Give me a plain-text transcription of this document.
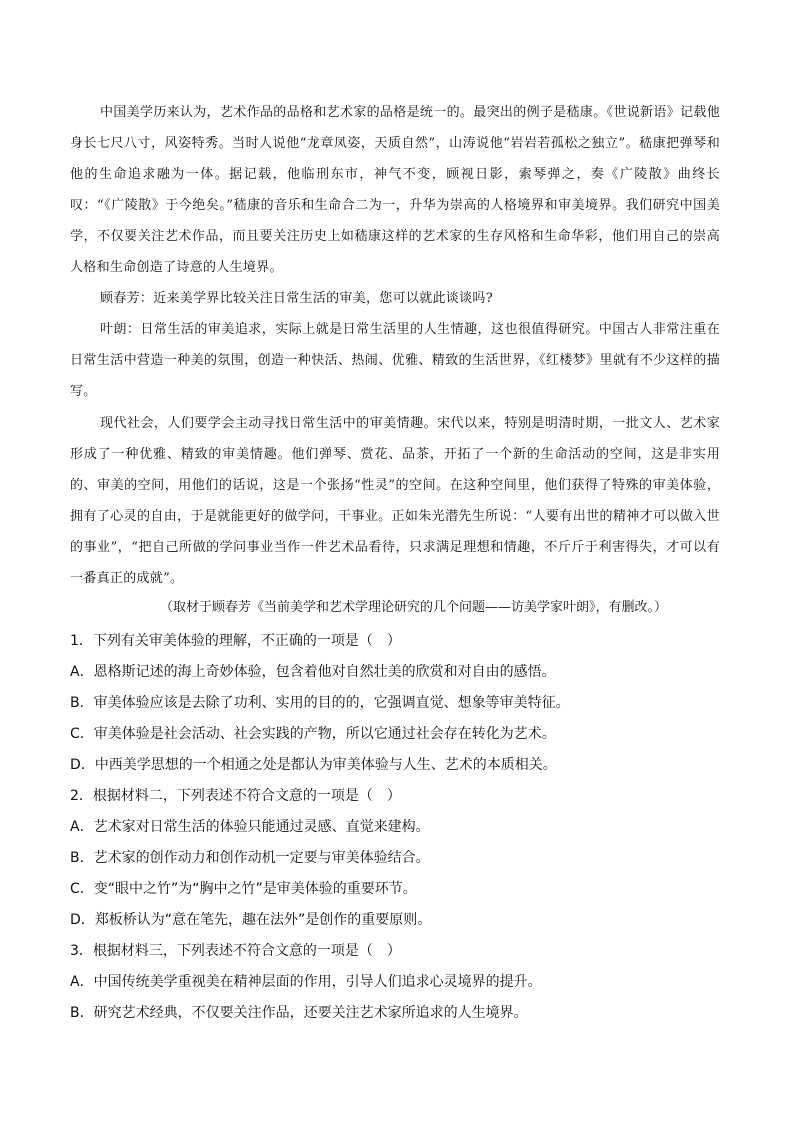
中国美学历来认为，艺术作品的品格和艺术家的品格是统一的。最突出的例子是嵇康。《世说新语》记载他身长七尺八寸，风姿特秀。当时人说他“龙章凤姿，天质自然”，山涛说他“岩岩若孤松之独立”。嵇康把弹琴和他的生命追求融为一体。据记载，他临刑东市，神气不变，顾视日影，索琴弹之，奏《广陵散》曲终长叹：“《广陵散》于今绝矣。”嵇康的音乐和生命合二为一，升华为崇高的人格境界和审美境界。我们研究中国美学，不仅要关注艺术作品，而且要关注历史上如嵇康这样的艺术家的生存风格和生命华彩，他们用自己的崇高人格和生命创造了诗意的人生境界。

顾春芳：近来美学界比较关注日常生活的审美，您可以就此谈谈吗?

叶朗：日常生活的审美追求，实际上就是日常生活里的人生情趣，这也很值得研究。中国古人非常注重在日常生活中营造一种美的氛围，创造一种快活、热闹、优雅、精致的生活世界，《红楼梦》里就有不少这样的描写。

现代社会，人们要学会主动寻找日常生活中的审美情趣。宋代以来，特别是明清时期，一批文人、艺术家形成了一种优雅、精致的审美情趣。他们弹琴、赏花、品茶，开拓了一个新的生命活动的空间，这是非实用的、审美的空间，用他们的话说，这是一个张扬“性灵”的空间。在这种空间里，他们获得了特殊的审美体验，拥有了心灵的自由，于是就能更好的做学问，干事业。正如朱光潜先生所说：“人要有出世的精神才可以做入世的事业”，“把自己所做的学问事业当作一件艺术品看待，只求满足理想和情趣，不斤斤于利害得失，才可以有一番真正的成就”。

（取材于顾春芳《当前美学和艺术学理论研究的几个问题——访美学家叶朗》，有删改。）

1．下列有关审美体验的理解，不正确的一项是（　）

A．恩格斯记述的海上奇妙体验，包含着他对自然壮美的欣赏和对自由的感悟。

B．审美体验应该是去除了功利、实用的目的的，它强调直觉、想象等审美特征。

C．审美体验是社会活动、社会实践的产物，所以它通过社会存在转化为艺术。

D．中西美学思想的一个相通之处是都认为审美体验与人生、艺术的本质相关。

2．根据材料二，下列表述不符合文意的一项是（　）

A．艺术家对日常生活的体验只能通过灵感、直觉来建构。

B．艺术家的创作动力和创作动机一定要与审美体验结合。

C．变“眼中之竹”为“胸中之竹”是审美体验的重要环节。

D．郑板桥认为“意在笔先，趣在法外”是创作的重要原则。

3．根据材料三，下列表述不符合文意的一项是（　）

A．中国传统美学重视美在精神层面的作用，引导人们追求心灵境界的提升。

B．研究艺术经典，不仅要关注作品，还要关注艺术家所追求的人生境界。
